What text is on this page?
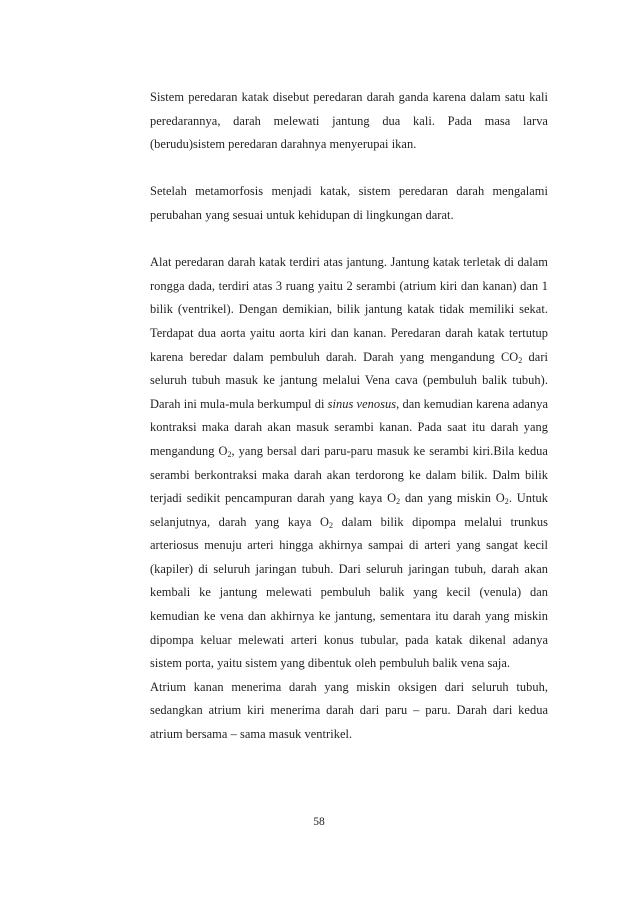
Sistem peredaran katak disebut peredaran darah ganda karena dalam satu kali peredarannya, darah melewati jantung dua kali. Pada masa larva (berudu)sistem peredaran darahnya menyerupai ikan.

Setelah metamorfosis menjadi katak, sistem peredaran darah mengalami perubahan yang sesuai untuk kehidupan di lingkungan darat.

Alat peredaran darah katak terdiri atas jantung. Jantung katak terletak di dalam rongga dada, terdiri atas 3 ruang yaitu 2 serambi (atrium kiri dan kanan) dan 1 bilik (ventrikel). Dengan demikian, bilik jantung katak tidak memiliki sekat. Terdapat dua aorta yaitu aorta kiri dan kanan. Peredaran darah katak tertutup karena beredar dalam pembuluh darah. Darah yang mengandung $CO_2$ dari seluruh tubuh masuk ke jantung melalui Vena cava (pembuluh balik tubuh). Darah ini mula-mula berkumpul di sinus venosus, dan kemudian karena adanya kontraksi maka darah akan masuk serambi kanan. Pada saat itu darah yang mengandung $O_2$, yang bersal dari paru-paru masuk ke serambi kiri.Bila kedua serambi berkontraksi maka darah akan terdorong ke dalam bilik. Dalm bilik terjadi sedikit pencampuran darah yang kaya $O_2$ dan yang miskin $O_2$. Untuk selanjutnya, darah yang kaya $O_2$ dalam bilik dipompa melalui trunkus arteriosus menuju arteri hingga akhirnya sampai di arteri yang sangat kecil (kapiler) di seluruh jaringan tubuh. Dari seluruh jaringan tubuh, darah akan kembali ke jantung melewati pembuluh balik yang kecil (venula) dan kemudian ke vena dan akhirnya ke jantung, sementara itu darah yang miskin dipompa keluar melewati arteri konus tubular, pada katak dikenal adanya sistem porta, yaitu sistem yang dibentuk oleh pembuluh balik vena saja.

Atrium kanan menerima darah yang miskin oksigen dari seluruh tubuh, sedangkan atrium kiri menerima darah dari paru – paru. Darah dari kedua atrium bersama – sama masuk ventrikel.

58
